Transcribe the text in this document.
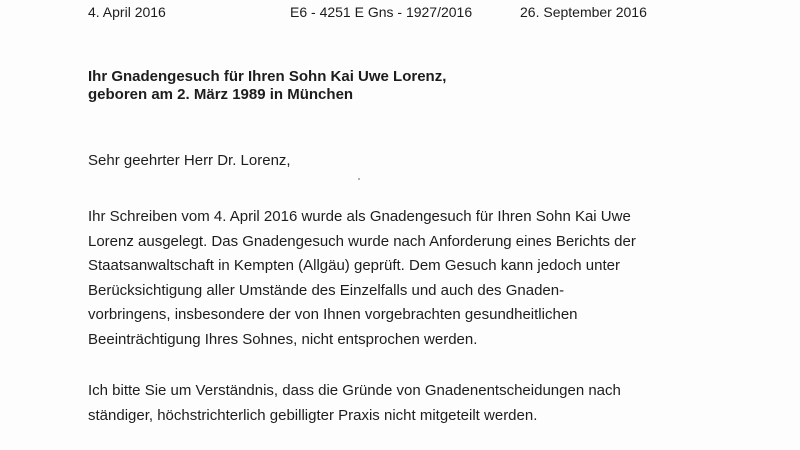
4. April 2016	E6 - 4251 E Gns - 1927/2016	26. September 2016
Ihr Gnadengesuch für Ihren Sohn Kai Uwe Lorenz,
geboren am 2. März 1989 in München
Sehr geehrter Herr Dr. Lorenz,
Ihr Schreiben vom 4. April 2016 wurde als Gnadengesuch für Ihren Sohn Kai Uwe
Lorenz ausgelegt. Das Gnadengesuch wurde nach Anforderung eines Berichts der
Staatsanwaltschaft in Kempten (Allgäu) geprüft. Dem Gesuch kann jedoch unter
Berücksichtigung aller Umstände des Einzelfalls und auch des Gnaden-
vorbringens, insbesondere der von Ihnen vorgebrachten gesundheitlichen
Beeinträchtigung Ihres Sohnes, nicht entsprochen werden.
Ich bitte Sie um Verständnis, dass die Gründe von Gnadenentscheidungen nach
ständiger, höchstrichterlich gebilligter Praxis nicht mitgeteilt werden.
